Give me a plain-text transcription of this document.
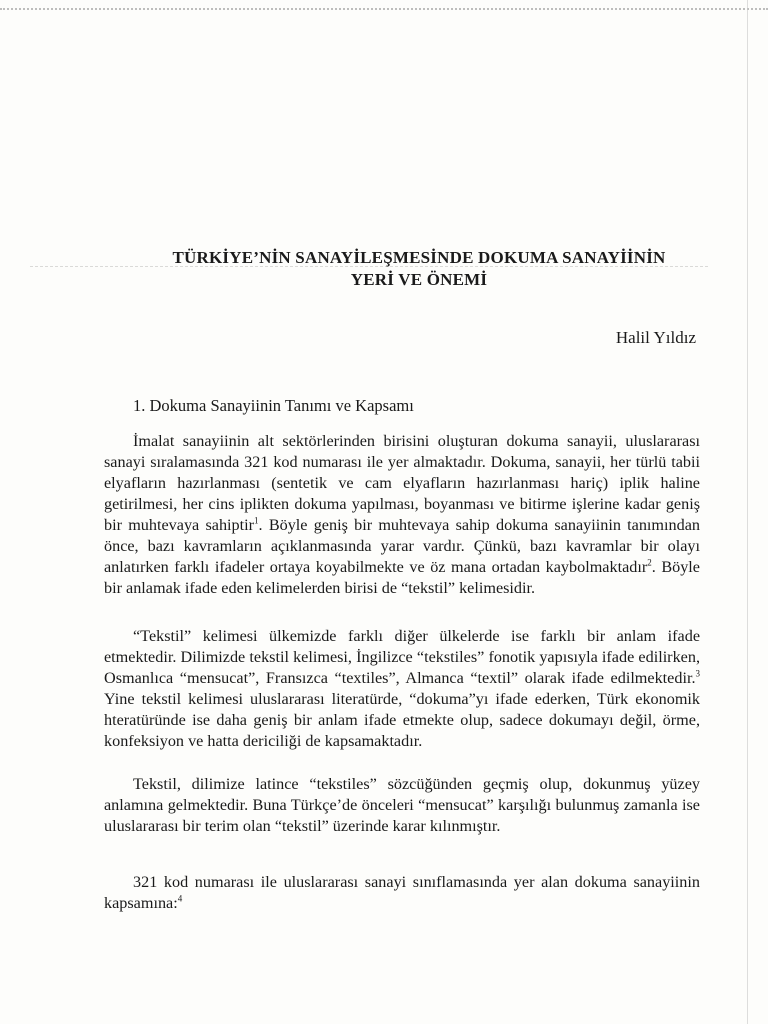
TÜRKİYE’NİN SANAYİLEŞMESİNDE DOKUMA SANAYİİNİN
YERİ VE ÖNEMİ
Halil Yıldız
1. Dokuma Sanayiinin Tanımı ve Kapsamı

İmalat sanayiinin alt sektörlerinden birisini oluşturan dokuma sanayii, uluslararası sanayi sıralamasında 321 kod numarası ile yer almaktadır. Dokuma, sanayii, her türlü tabii elyafların hazırlanması (sentetik ve cam elyafların hazırlanması hariç) iplik haline getirilmesi, her cins iplikten dokuma yapılması, boyanması ve bitirme işlerine kadar geniş bir muhtevaya sahiptir$^1$. Böyle geniş bir muhtevaya sahip dokuma sanayiinin tanımından önce, bazı kavramların açıklanmasında yarar vardır. Çünkü, bazı kavramlar bir olayı anlatırken farklı ifadeler ortaya koyabilmekte ve öz mana ortadan kaybolmaktadır$^2$. Böyle bir anlamak ifade eden kelimelerden birisi de “tekstil” kelimesidir.

“Tekstil” kelimesi ülkemizde farklı diğer ülkelerde ise farklı bir anlam ifade etmektedir. Dilimizde tekstil kelimesi, İngilizce “tekstiles” fonotik yapısıyla ifade edilirken, Osmanlıca “mensucat”, Fransızca “textiles”, Almanca “textil” olarak ifade edilmektedir.$^3$ Yine tekstil kelimesi uluslararası literatürde, “dokuma”yı ifade ederken, Türk ekonomik hteratüründe ise daha geniş bir anlam ifade etmekte olup, sadece dokumayı değil, örme, konfeksiyon ve hatta dericiliği de kapsamaktadır.

Tekstil, dilimize latince “tekstiles” sözcüğünden geçmiş olup, dokunmuş yüzey anlamına gelmektedir. Buna Türkçe’de önceleri “mensucat” karşılığı bulunmuş zamanla ise uluslararası bir terim olan “tekstil” üzerinde karar kılınmıştır.

321 kod numarası ile uluslararası sanayi sınıflamasında yer alan dokuma sanayiinin kapsamına:$^4$
